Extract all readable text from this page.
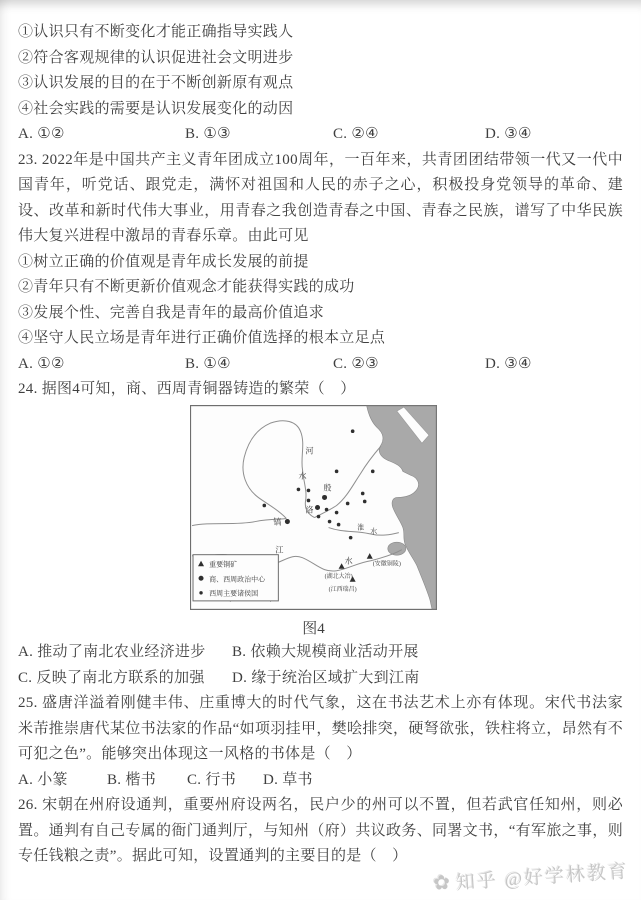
①认识只有不断变化才能正确指导实践人

②符合客观规律的认识促进社会文明进步

③认识发展的目的在于不断创新原有观点

④社会实践的需要是认识发展变化的动因

A. ①②	B. ①③	C. ②④	D. ③④

23. 2022年是中国共产主义青年团成立100周年，一百年来，共青团团结带领一代又一代中国青年，听党话、跟党走，满怀对祖国和人民的赤子之心，积极投身党领导的革命、建设、改革和新时代伟大事业，用青春之我创造青春之中国、青春之民族，谱写了中华民族伟大复兴进程中激昂的青春乐章。由此可见

①树立正确的价值观是青年成长发展的前提

②青年只有不断更新价值观念才能获得实践的成功

③发展个性、完善自我是青年的最高价值追求

④坚守人民立场是青年进行正确价值选择的根本立足点

A. ①②	B. ①④	C. ②③	D. ③④

24. 据图4可知，商、西周青铜器铸造的繁荣（　）

河
水
殷
洛
镐
淮
水
江
水	(安徽铜陵)
(湖北大冶)
(江西瑞昌)
重要铜矿
商、西周政治中心
西周主要诸侯国
图4
A. 推动了南北农业经济进步	B. 依赖大规模商业活动开展
C. 反映了南北方联系的加强	D. 缘于统治区域扩大到江南

25. 盛唐洋溢着刚健丰伟、庄重博大的时代气象，这在书法艺术上亦有体现。宋代书法家米芾推崇唐代某位书法家的作品“如项羽挂甲，樊哙排突，硬弩欲张，铁柱将立，昂然有不可犯之色”。能够突出体现这一风格的书体是（　）

A. 小篆	B. 楷书	C. 行书	D. 草书

26. 宋朝在州府设通判，重要州府设两名，民户少的州可以不置，但若武官任知州，则必置。通判有自己专属的衙门通判厅，与知州（府）共议政务、同署文书，“有军旅之事，则专任钱粮之责”。据此可知，设置通判的主要目的是（　）

✿ 知乎 @好学林教育
